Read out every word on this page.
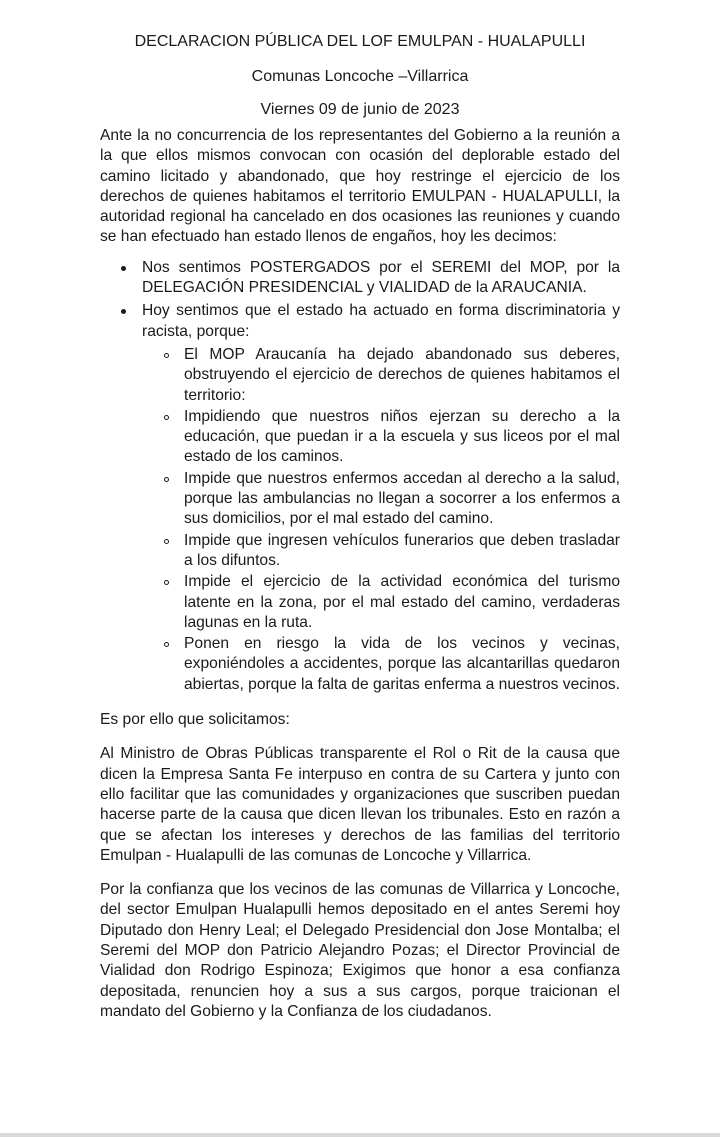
DECLARACION PÚBLICA DEL LOF EMULPAN - HUALAPULLI
Comunas Loncoche –Villarrica
Viernes 09 de junio de 2023

Ante la no concurrencia de los representantes del Gobierno a la reunión a la que ellos mismos convocan con ocasión del deplorable estado del camino licitado y abandonado, que hoy restringe el ejercicio de los derechos de quienes habitamos el territorio EMULPAN - HUALAPULLI, la autoridad regional ha cancelado en dos ocasiones las reuniones y cuando se han efectuado han estado llenos de engaños, hoy les decimos:

Nos sentimos POSTERGADOS por el SEREMI del MOP, por la DELEGACIÓN PRESIDENCIAL y VIALIDAD de la ARAUCANIA.
Hoy sentimos que el estado ha actuado en forma discriminatoria y racista, porque:
El MOP Araucanía ha dejado abandonado sus deberes, obstruyendo el ejercicio de derechos de quienes habitamos el territorio:
Impidiendo que nuestros niños ejerzan su derecho a la educación, que puedan ir a la escuela y sus liceos por el mal estado de los caminos.
Impide que nuestros enfermos accedan al derecho a la salud, porque las ambulancias no llegan a socorrer a los enfermos a sus domicilios, por el mal estado del camino.
Impide que ingresen vehículos funerarios que deben trasladar a los difuntos.
Impide el ejercicio de la actividad económica del turismo latente en la zona, por el mal estado del camino, verdaderas lagunas en la ruta.
Ponen en riesgo la vida de los vecinos y vecinas, exponiéndoles a accidentes, porque las alcantarillas quedaron abiertas, porque la falta de garitas enferma a nuestros vecinos.

Es por ello que solicitamos:

Al Ministro de Obras Públicas transparente el Rol o Rit de la causa que dicen la Empresa Santa Fe interpuso en contra de su Cartera y junto con ello facilitar que las comunidades y organizaciones que suscriben puedan hacerse parte de la causa que dicen llevan los tribunales. Esto en razón a que se afectan los intereses y derechos de las familias del territorio Emulpan - Hualapulli de las comunas de Loncoche y Villarrica.

Por la confianza que los vecinos de las comunas de Villarrica y Loncoche, del sector Emulpan Hualapulli hemos depositado en el antes Seremi hoy Diputado don Henry Leal; el Delegado Presidencial don Jose Montalba; el Seremi del MOP don Patricio Alejandro Pozas; el Director Provincial de Vialidad don Rodrigo Espinoza; Exigimos que honor a esa confianza depositada, renuncien hoy a sus a sus cargos, porque traicionan el mandato del Gobierno y la Confianza de los ciudadanos.
